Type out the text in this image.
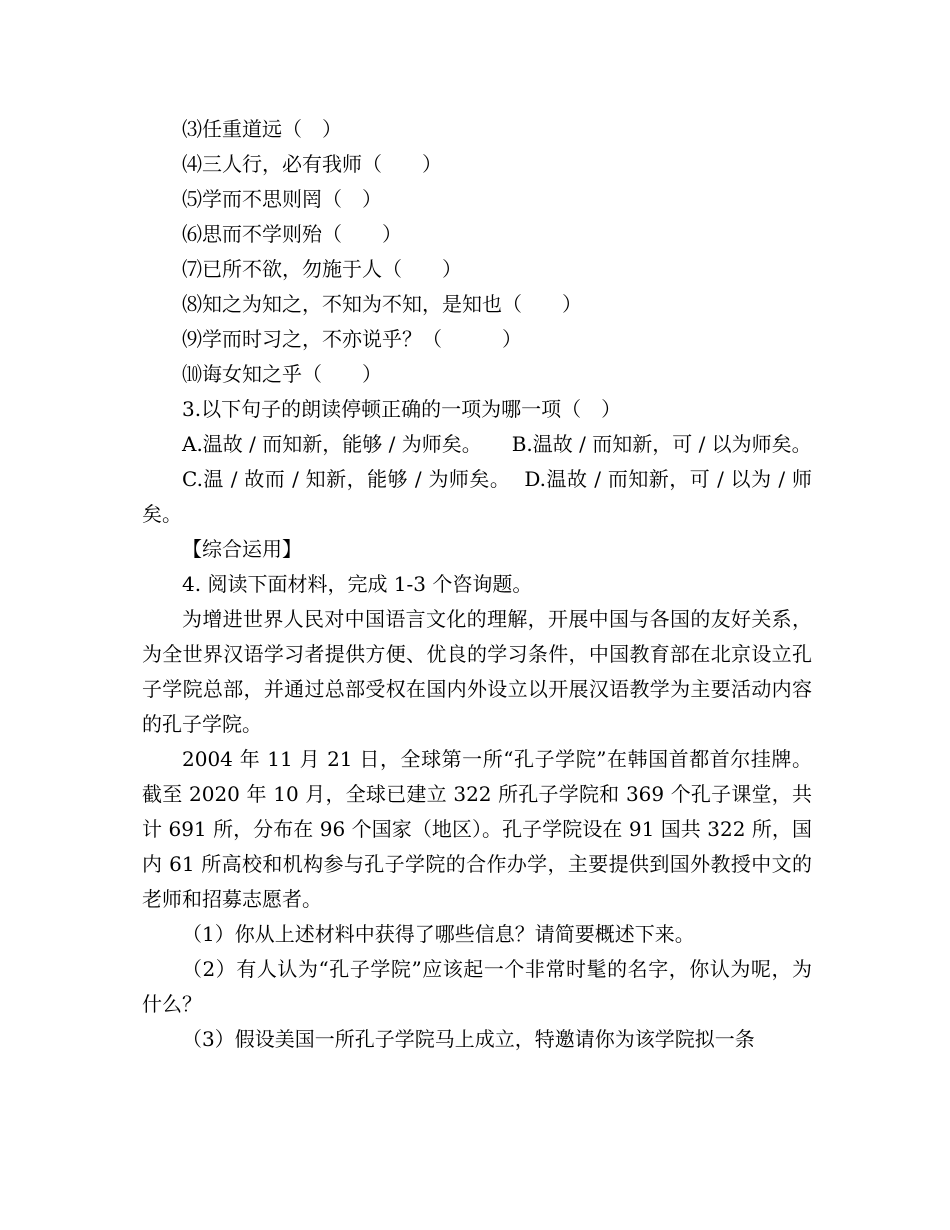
⑶任重道远（　）

⑷三人行，必有我师（　　）

⑸学而不思则罔（　）

⑹思而不学则殆（　　）

⑺已所不欲，勿施于人（　　）

⑻知之为知之，不知为不知，是知也（　　）

⑼学而时习之，不亦说乎？（　　　）

⑽诲女知之乎（　　）

3.以下句子的朗读停顿正确的一项为哪一项（　）

A.温故 / 而知新，能够 / 为师矣。 B.温故 / 而知新，可 / 以为师矣。

C.温 / 故而 / 知新，能够 / 为师矣。 D.温故 / 而知新，可 / 以为 / 师矣。

【综合运用】

4. 阅读下面材料，完成 1-3 个咨询题。

为增进世界人民对中国语言文化的理解，开展中国与各国的友好关系，为全世界汉语学习者提供方便、优良的学习条件，中国教育部在北京设立孔子学院总部，并通过总部受权在国内外设立以开展汉语教学为主要活动内容的孔子学院。

2004 年 11 月 21 日，全球第一所“孔子学院”在韩国首都首尔挂牌。截至 2020 年 10 月，全球已建立 322 所孔子学院和 369 个孔子课堂，共计 691 所，分布在 96 个国家（地区）。孔子学院设在 91 国共 322 所，国内 61 所高校和机构参与孔子学院的合作办学，主要提供到国外教授中文的老师和招募志愿者。

（1）你从上述材料中获得了哪些信息？请简要概述下来。

（2）有人认为“孔子学院”应该起一个非常时髦的名字，你认为呢，为什么？

（3）假设美国一所孔子学院马上成立，特邀请你为该学院拟一条
